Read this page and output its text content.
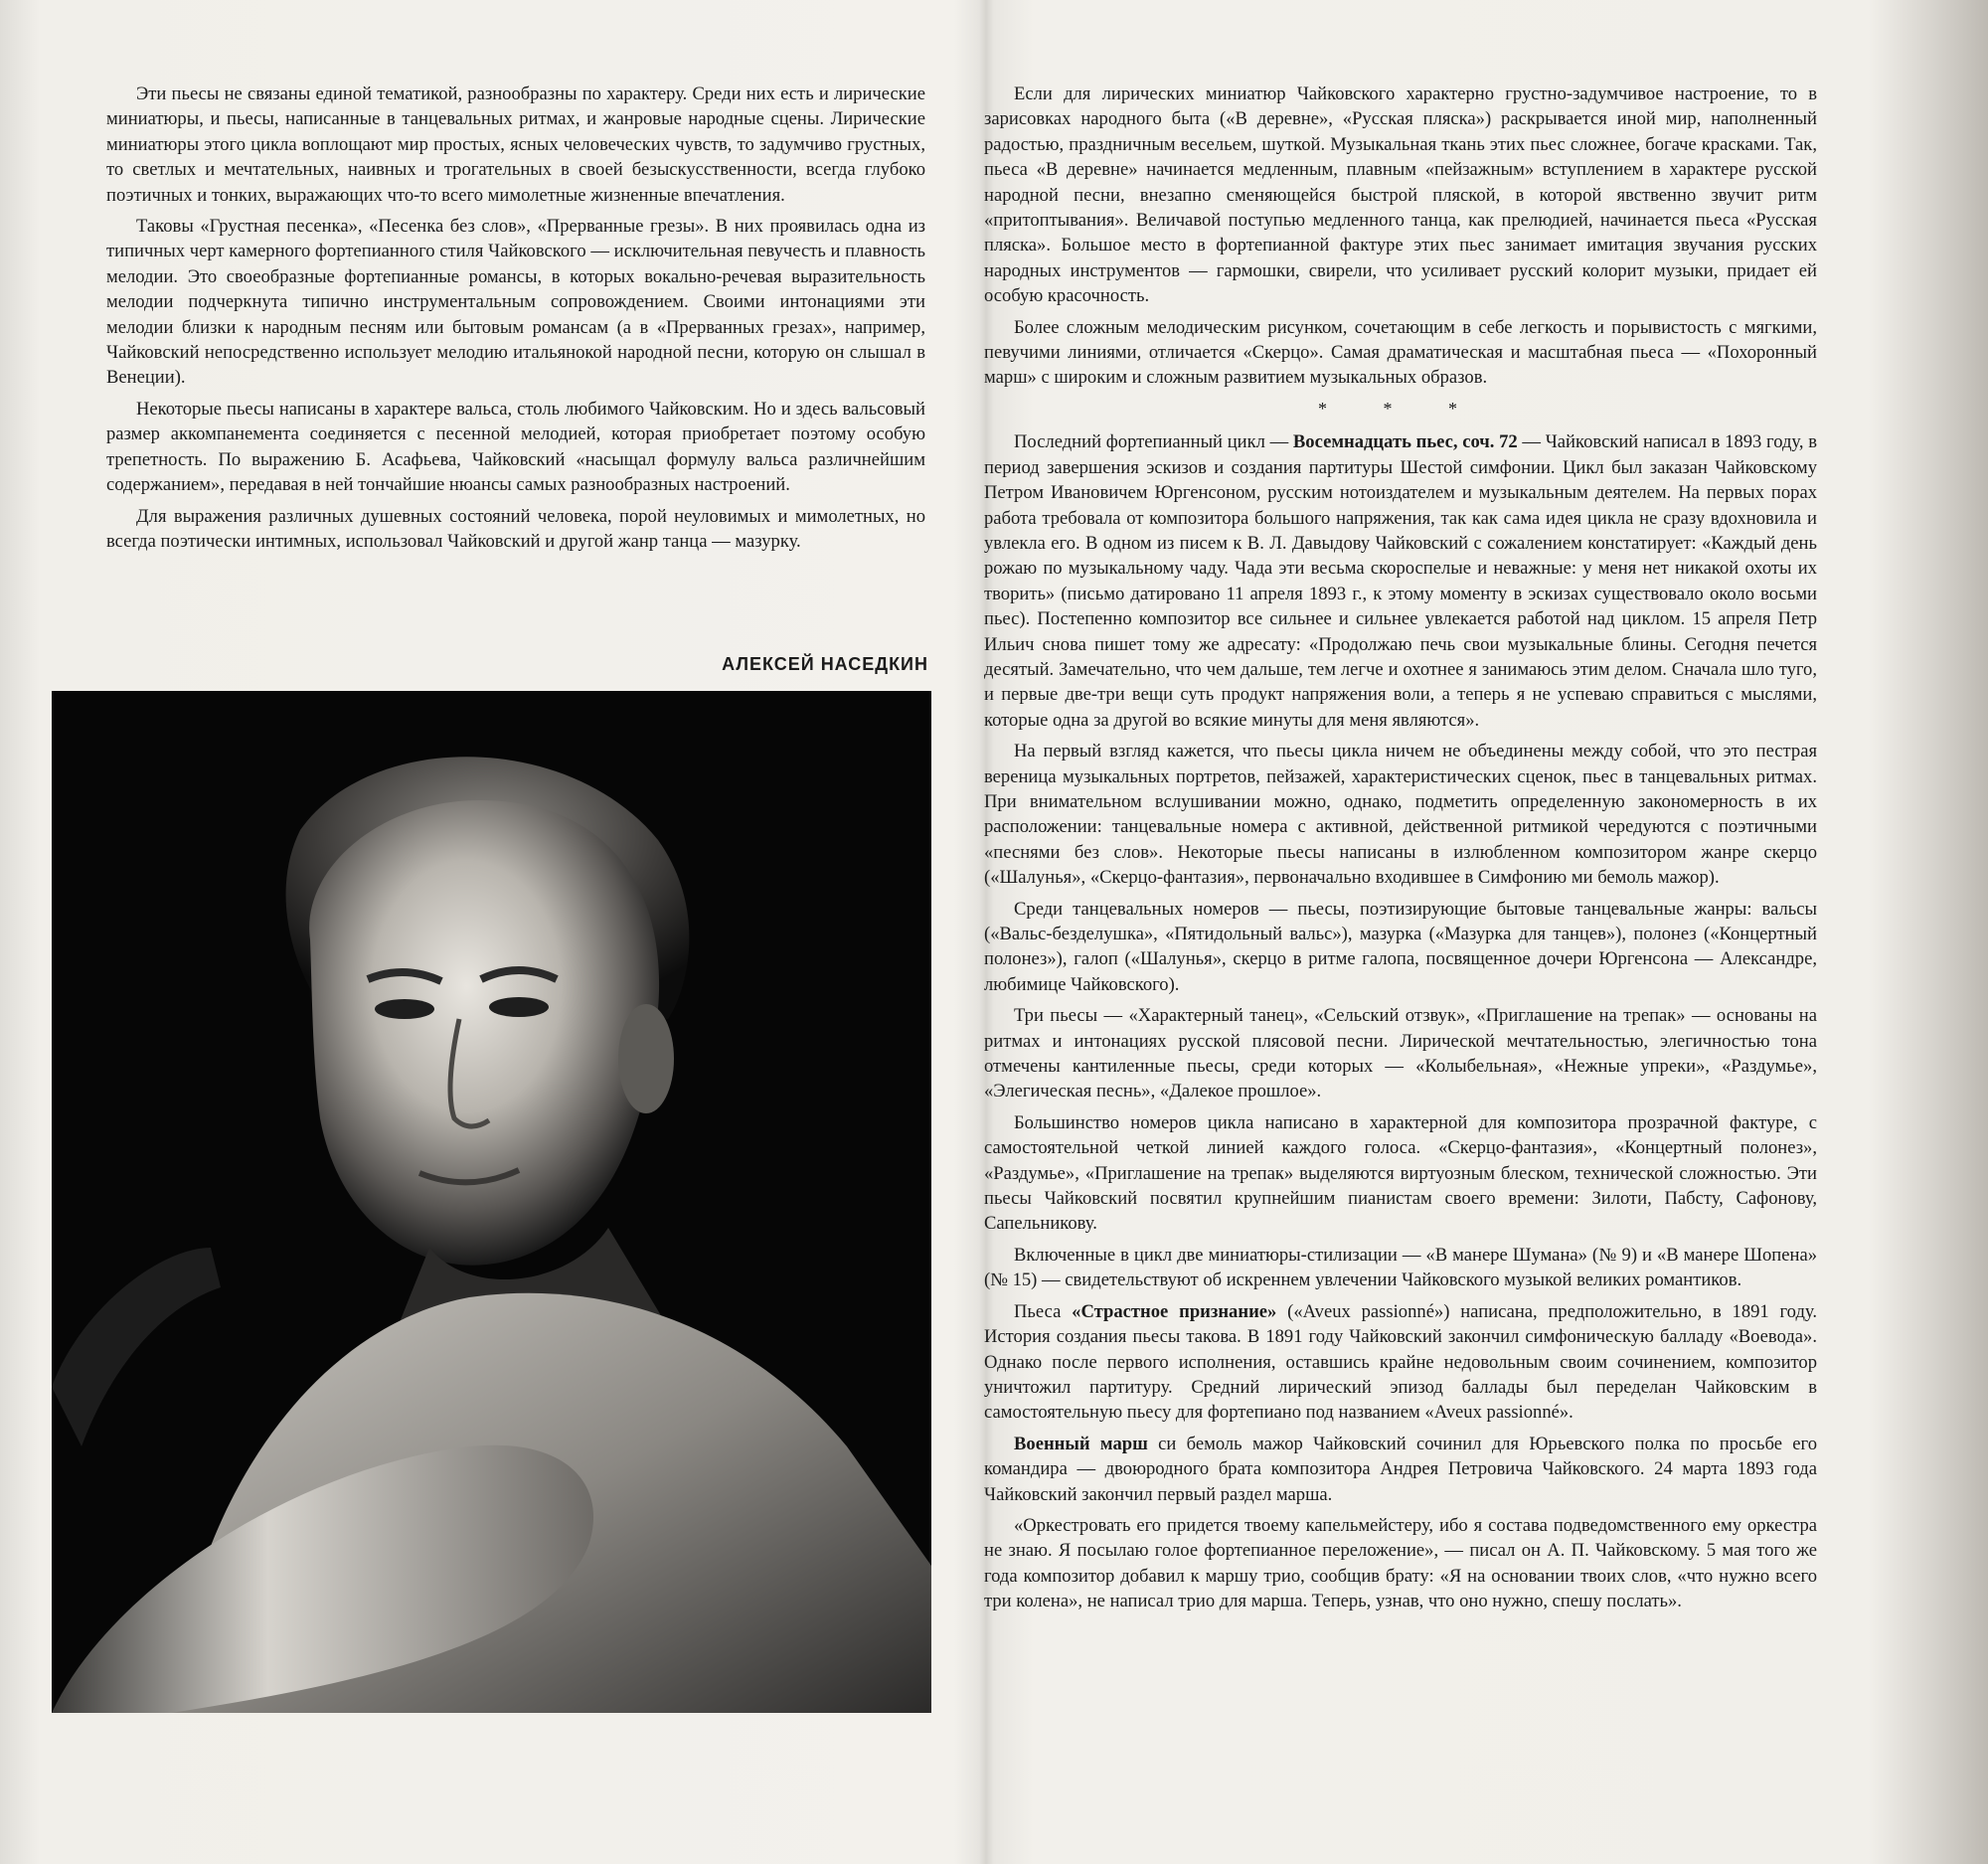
Эти пьесы не связаны единой тематикой, разнообразны по характеру. Среди них есть и лирические миниатюры, и пьесы, написанные в танцевальных ритмах, и жанровые народные сцены. Лирические миниатюры этого цикла воплощают мир простых, ясных человеческих чувств, то задумчиво грустных, то светлых и мечтательных, наивных и трогательных в своей безыскусственности, всегда глубоко поэтичных и тонких, выражающих что-то всего мимолетные жизненные впечатления.

Таковы «Грустная песенка», «Песенка без слов», «Прерванные грезы». В них проявилась одна из типичных черт камерного фортепианного стиля Чайковского — исключительная певучесть и плавность мелодии. Это своеобразные фортепианные романсы, в которых вокально-речевая выразительность мелодии подчеркнута типично инструментальным сопровождением. Своими интонациями эти мелодии близки к народным песням или бытовым романсам (а в «Прерванных грезах», например, Чайковский непосредственно использует мелодию итальянокой народной песни, которую он слышал в Венеции).

Некоторые пьесы написаны в характере вальса, столь любимого Чайковским. Но и здесь вальсовый размер аккомпанемента соединяется с песенной мелодией, которая приобретает поэтому особую трепетность. По выражению Б. Асафьева, Чайковский «насыщал формулу вальса различнейшим содержанием», передавая в ней тончайшие нюансы самых разнообразных настроений.

Для выражения различных душевных состояний человека, порой неуловимых и мимолетных, но всегда поэтически интимных, использовал Чайковский и другой жанр танца — мазурку.

АЛЕКСЕЙ НАСЕДКИН

Если для лирических миниатюр Чайковского характерно грустно-задумчивое настроение, то в зарисовках народного быта («В деревне», «Русская пляска») раскрывается иной мир, наполненный радостью, праздничным весельем, шуткой. Музыкальная ткань этих пьес сложнее, богаче красками. Так, пьеса «В деревне» начинается медленным, плавным «пейзажным» вступлением в характере русской народной песни, внезапно сменяющейся быстрой пляской, в которой явственно звучит ритм «притоптывания». Величавой поступью медленного танца, как прелюдией, начинается пьеса «Русская пляска». Большое место в фортепианной фактуре этих пьес занимает имитация звучания русских народных инструментов — гармошки, свирели, что усиливает русский колорит музыки, придает ей особую красочность.

Более сложным мелодическим рисунком, сочетающим в себе легкость и порывистость с мягкими, певучими линиями, отличается «Скерцо». Самая драматическая и масштабная пьеса — «Похоронный марш» с широким и сложным развитием музыкальных образов.

* * *

Последний фортепианный цикл — Восемнадцать пьес, соч. 72 — Чайковский написал в 1893 году, в период завершения эскизов и создания партитуры Шестой симфонии. Цикл был заказан Чайковскому Петром Ивановичем Юргенсоном, русским нотоиздателем и музыкальным деятелем. На первых порах работа требовала от композитора большого напряжения, так как сама идея цикла не сразу вдохновила и увлекла его. В одном из писем к В. Л. Давыдову Чайковский с сожалением констатирует: «Каждый день рожаю по музыкальному чаду. Чада эти весьма скороспелые и неважные: у меня нет никакой охоты их творить» (письмо датировано 11 апреля 1893 г., к этому моменту в эскизах существовало около восьми пьес). Постепенно композитор все сильнее и сильнее увлекается работой над циклом. 15 апреля Петр Ильич снова пишет тому же адресату: «Продолжаю печь свои музыкальные блины. Сегодня печется десятый. Замечательно, что чем дальше, тем легче и охотнее я занимаюсь этим делом. Сначала шло туго, и первые две-три вещи суть продукт напряжения воли, а теперь я не успеваю справиться с мыслями, которые одна за другой во всякие минуты для меня являются».

На первый взгляд кажется, что пьесы цикла ничем не объединены между собой, что это пестрая вереница музыкальных портретов, пейзажей, характеристических сценок, пьес в танцевальных ритмах. При внимательном вслушивании можно, однако, подметить определенную закономерность в их расположении: танцевальные номера с активной, действенной ритмикой чередуются с поэтичными «песнями без слов». Некоторые пьесы написаны в излюбленном композитором жанре скерцо («Шалунья», «Скерцо-фантазия», первоначально входившее в Симфонию ми бемоль мажор).

Среди танцевальных номеров — пьесы, поэтизирующие бытовые танцевальные жанры: вальсы («Вальс-безделушка», «Пятидольный вальс»), мазурка («Мазурка для танцев»), полонез («Концертный полонез»), галоп («Шалунья», скерцо в ритме галопа, посвященное дочери Юргенсона — Александре, любимице Чайковского).

Три пьесы — «Характерный танец», «Сельский отзвук», «Приглашение на трепак» — основаны на ритмах и интонациях русской плясовой песни. Лирической мечтательностью, элегичностью тона отмечены кантиленные пьесы, среди которых — «Колыбельная», «Нежные упреки», «Раздумье», «Элегическая песнь», «Далекое прошлое».

Большинство номеров цикла написано в характерной для композитора прозрачной фактуре, с самостоятельной четкой линией каждого голоса. «Скерцо-фантазия», «Концертный полонез», «Раздумье», «Приглашение на трепак» выделяются виртуозным блеском, технической сложностью. Эти пьесы Чайковский посвятил крупнейшим пианистам своего времени: Зилоти, Пабсту, Сафонову, Сапельникову.

Включенные в цикл две миниатюры-стилизации — «В манере Шумана» (№ 9) и «В манере Шопена» (№ 15) — свидетельствуют об искреннем увлечении Чайковского музыкой великих романтиков.

Пьеса «Страстное признание» («Aveux passionné») написана, предположительно, в 1891 году. История создания пьесы такова. В 1891 году Чайковский закончил симфоническую балладу «Воевода». Однако после первого исполнения, оставшись крайне недовольным своим сочинением, композитор уничтожил партитуру. Средний лирический эпизод баллады был переделан Чайковским в самостоятельную пьесу для фортепиано под названием «Aveux passionné».

Военный марш си бемоль мажор Чайковский сочинил для Юрьевского полка по просьбе его командира — двоюродного брата композитора Андрея Петровича Чайковского. 24 марта 1893 года Чайковский закончил первый раздел марша.

«Оркестровать его придется твоему капельмейстеру, ибо я состава подведомственного ему оркестра не знаю. Я посылаю голое фортепианное переложение», — писал он А. П. Чайковскому. 5 мая того же года композитор добавил к маршу трио, сообщив брату: «Я на основании твоих слов, «что нужно всего три колена», не написал трио для марша. Теперь, узнав, что оно нужно, спешу послать».
